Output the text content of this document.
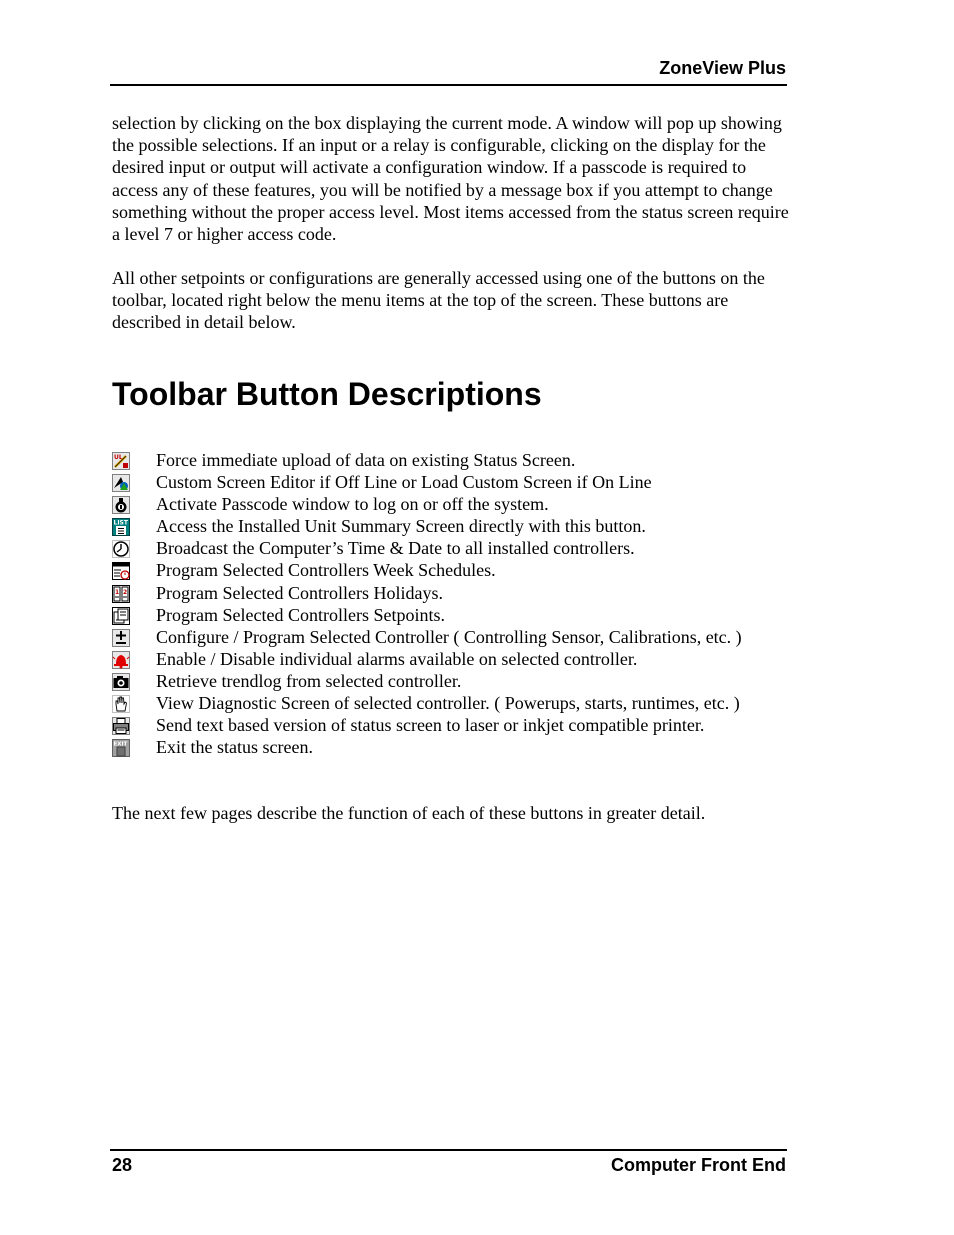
ZoneView Plus

selection by clicking on the box displaying the current mode. A window will pop up showing the possible selections. If an input or a relay is configurable, clicking on the display for the desired input or output will activate a configuration window. If a passcode is required to access any of these features, you will be notified by a message box if you attempt to change something without the proper access level. Most items accessed from the status screen require a level 7 or higher access code.

All other setpoints or configurations are generally accessed using one of the buttons on the toolbar, located right below the menu items at the top of the screen. These buttons are described in detail below.

Toolbar Button Descriptions
UL Force immediate upload of data on existing Status Screen.
Custom Screen Editor if Off Line or Load Custom Screen if On Line
Activate Passcode window to log on or off the system.
LIST Access the Installed Unit Summary Screen directly with this button.
Broadcast the Computer’s Time & Date to all installed controllers.
Program Selected Controllers Week Schedules.
1 2 Program Selected Controllers Holidays.
Program Selected Controllers Setpoints.
Configure / Program Selected Controller ( Controlling Sensor, Calibrations, etc. )
Enable / Disable individual alarms available on selected controller.
Retrieve trendlog from selected controller.
View Diagnostic Screen of selected controller. ( Powerups, starts, runtimes, etc. )
Send text based version of status screen to laser or inkjet compatible printer.
EXIT Exit the status screen.

The next few pages describe the function of each of these buttons in greater detail.

28	Computer Front End
